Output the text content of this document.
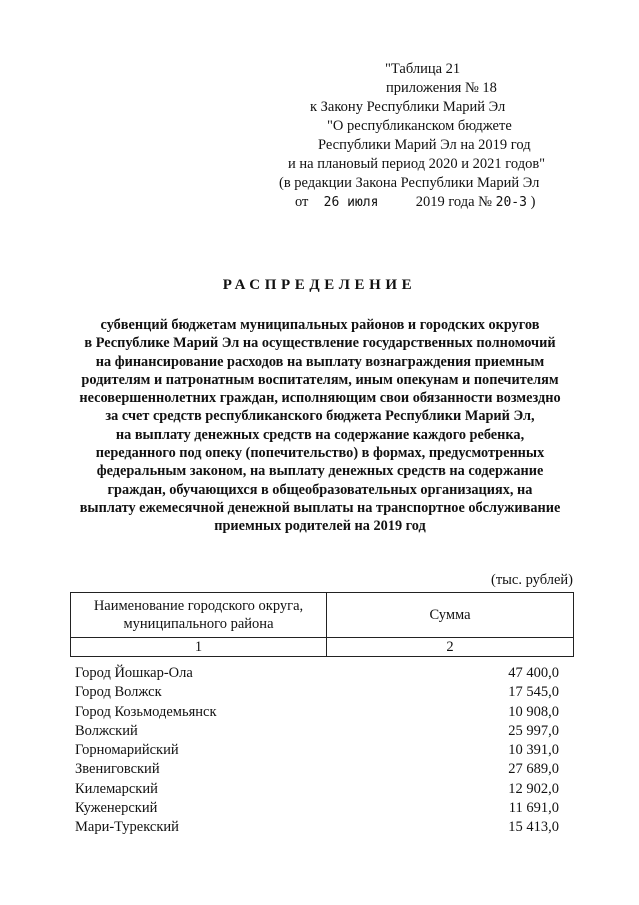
"Таблица 21
приложения № 18
к Закону Республики Марий Эл
"О республиканском бюджете
Республики Марий Эл на 2019 год
и на плановый период 2020 и 2021 годов"
(в редакции Закона Республики Марий Эл
от 26 июля	2019 года № 20-З )
РАСПРЕДЕЛЕНИЕ
субвенций бюджетам муниципальных районов и городских округов
в Республике Марий Эл на осуществление государственных полномочий
на финансирование расходов на выплату вознаграждения приемным
родителям и патронатным воспитателям, иным опекунам и попечителям
несовершеннолетних граждан, исполняющим свои обязанности возмездно
за счет средств республиканского бюджета Республики Марий Эл,
на выплату денежных средств на содержание каждого ребенка,
переданного под опеку (попечительство) в формах, предусмотренных
федеральным законом, на выплату денежных средств на содержание
граждан, обучающихся в общеобразовательных организациях, на
выплату ежемесячной денежной выплаты на транспортное обслуживание
приемных родителей на 2019 год
(тыс. рублей)
Наименование городского округа,
муниципального района	Сумма
1	2
Город Йошкар-Ола	47 400,0
Город Волжск	17 545,0
Город Козьмодемьянск	10 908,0
Волжский	25 997,0
Горномарийский	10 391,0
Звениговский	27 689,0
Килемарский	12 902,0
Куженерский	11 691,0
Мари-Турекский	15 413,0
